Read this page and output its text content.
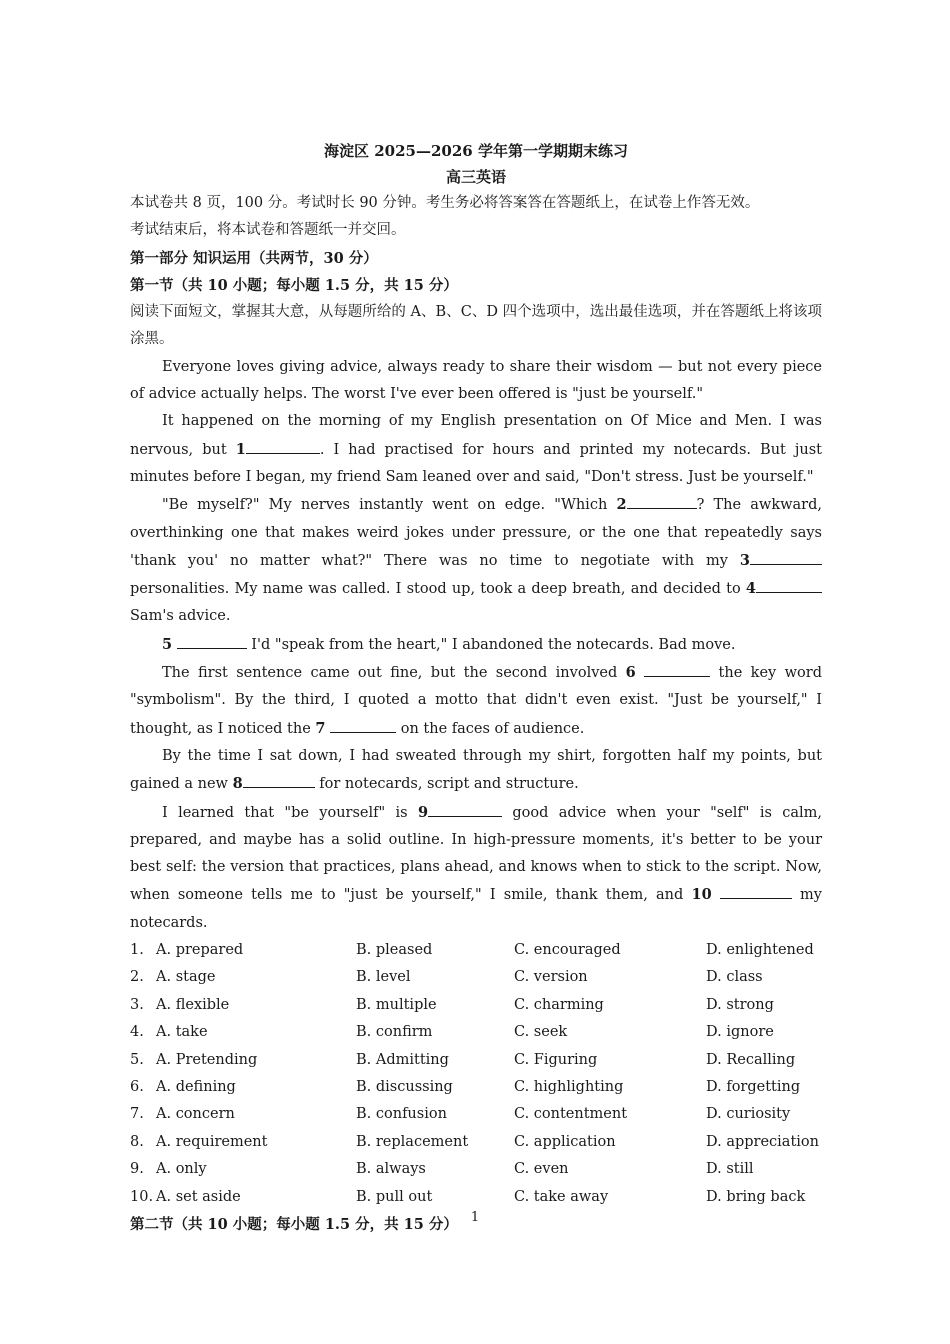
海淀区 2025—2026 学年第一学期期末练习
高三英语
本试卷共 8 页，100 分。考试时长 90 分钟。考生务必将答案答在答题纸上，在试卷上作答无效。
考试结束后，将本试卷和答题纸一并交回。
第一部分 知识运用（共两节，30 分）
第一节（共 10 小题；每小题 1.5 分，共 15 分）
阅读下面短文，掌握其大意，从每题所给的 A、B、C、D 四个选项中，选出最佳选项，并在答题纸上将该项涂黑。
Everyone loves giving advice, always ready to share their wisdom — but not every piece of advice actually helps. The worst I've ever been offered is "just be yourself."
It happened on the morning of my English presentation on Of Mice and Men. I was nervous, but 1	. I had practised for hours and printed my notecards. But just minutes before I began, my friend Sam leaned over and said, "Don't stress. Just be yourself."
"Be myself?" My nerves instantly went on edge. "Which 2	? The awkward, overthinking one that makes weird jokes under pressure, or the one that repeatedly says 'thank you' no matter what?" There was no time to negotiate with my 3 personalities. My name was called. I stood up, took a deep breath, and decided to 4 Sam's advice.
5	I'd "speak from the heart," I abandoned the notecards. Bad move.
The first sentence came out fine, but the second involved 6	the key word "symbolism". By the third, I quoted a motto that didn't even exist. "Just be yourself," I thought, as I noticed the 7	on the faces of audience.
By the time I sat down, I had sweated through my shirt, forgotten half my points, but gained a new 8	for notecards, script and structure.
I learned that "be yourself" is 9	good advice when your "self" is calm, prepared, and maybe has a solid outline. In high-pressure moments, it's better to be your best self: the version that practices, plans ahead, and knows when to stick to the script. Now, when someone tells me to "just be yourself," I smile, thank them, and 10	my notecards.
1. A. prepared	B. pleased	C. encouraged	D. enlightened
2. A. stage	B. level	C. version	D. class
3. A. flexible	B. multiple	C. charming	D. strong
4. A. take	B. confirm	C. seek	D. ignore
5. A. Pretending	B. Admitting	C. Figuring	D. Recalling
6. A. defining	B. discussing	C. highlighting	D. forgetting
7. A. concern	B. confusion	C. contentment	D. curiosity
8. A. requirement	B. replacement	C. application	D. appreciation
9. A. only	B. always	C. even	D. still
10. A. set aside	B. pull out	C. take away	D. bring back
第二节（共 10 小题；每小题 1.5 分，共 15 分） 1
